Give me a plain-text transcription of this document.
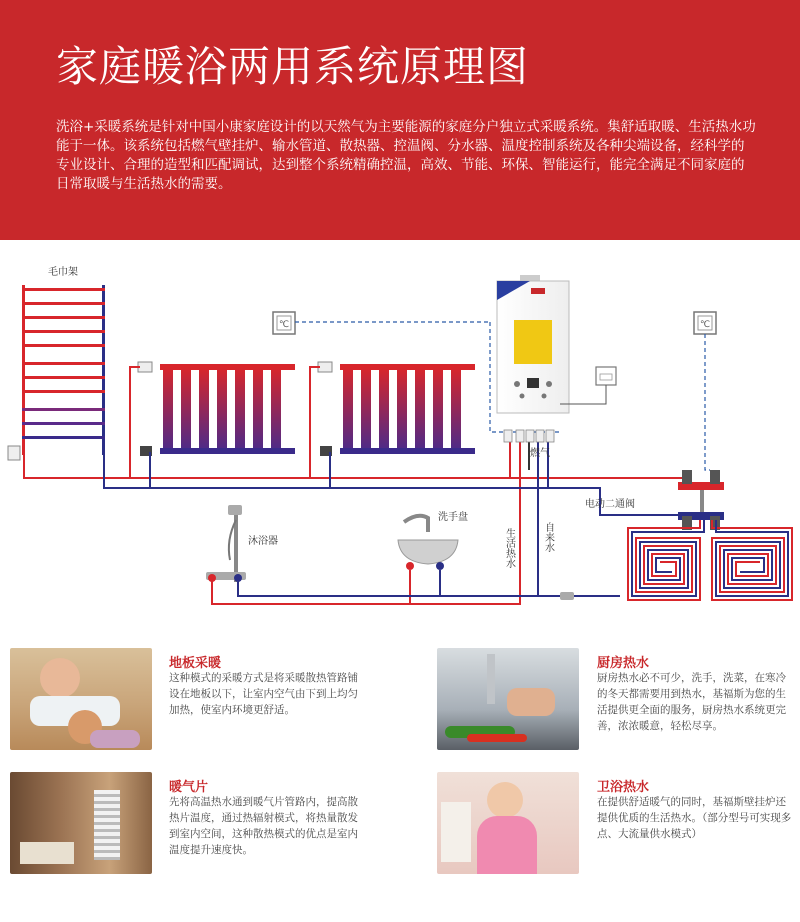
家庭暖浴两用系统原理图
洗浴+采暖系统是针对中国小康家庭设计的以天然气为主要能源的家庭分户独立式采暖系统。集舒适取暖、生活热水功能于一体。该系统包括燃气壁挂炉、输水管道、散热器、控温阀、分水器、温度控制系统及各种尖端设备，经科学的专业设计、合理的造型和匹配调试，达到整个系统精确控温，高效、节能、环保、智能运行，能完全满足不同家庭的日常取暖与生活热水的需要。
毛巾架
℃	℃
燃气
电动二通阀
沐浴器
洗手盘
生活热水	自来水
地板采暖
这种模式的采暖方式是将采暖散热管路铺设在地板以下，让室内空气由下到上均匀加热，使室内环境更舒适。
厨房热水
厨房热水必不可少，洗手，洗菜，在寒冷的冬天都需要用到热水，基福斯为您的生活提供更全面的服务，厨房热水系统更完善，浓浓暖意，轻松尽享。
暖气片
先将高温热水通到暖气片管路内，提高散热片温度，通过热辐射模式，将热量散发到室内空间，这种散热模式的优点是室内温度提升速度快。
卫浴热水
在提供舒适暖气的同时，基福斯壁挂炉还提供优质的生活热水。（部分型号可实现多点、大流量供水模式）
